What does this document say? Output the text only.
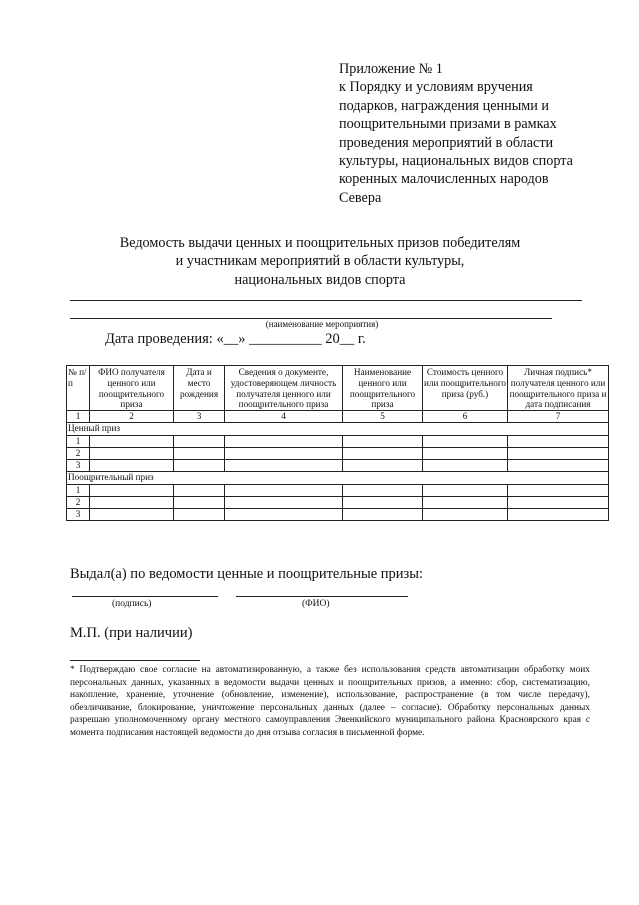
Приложение № 1
к Порядку и условиям вручения
подарков, награждения ценными и
поощрительными призами в рамках
проведения мероприятий в области
культуры, национальных видов спорта
коренных малочисленных народов
Севера
Ведомость выдачи ценных и поощрительных призов победителям
и участникам мероприятий в области культуры,
национальных видов спорта
(наименование мероприятия)
Дата проведения: «__» __________ 20__ г.
№ п/п	ФИО получателя ценного или поощрительного приза	Дата и место рождения	Сведения о документе, удостоверяющем личность получателя ценного или поощрительного приза	Наименование ценного или поощрительного приза	Стоимость ценного или поощрительного приза (руб.)	Личная подпись* получателя ценного или поощрительного приза и дата подписания
1	2	3	4	5	6	7
Ценный приз						
1						
2						
3						
Поощрительный приз						
1						
2						
3						
Выдал(а) по ведомости ценные и поощрительные призы:
(подпись)	(ФИО)
М.П. (при наличии)
* Подтверждаю свое согласие на автоматизированную, а также без использования средств автоматизации обработку моих персональных данных, указанных в ведомости выдачи ценных и поощрительных призов, а именно: сбор, систематизацию, накопление, хранение, уточнение (обновление, изменение), использование, распространение (в том числе передачу), обезличивание, блокирование, уничтожение персональных данных (далее – согласие). Обработку персональных данных разрешаю уполномоченному органу местного самоуправления Эвенкийского муниципального района Красноярского края с момента подписания настоящей ведомости до дня отзыва согласия в письменной форме.
